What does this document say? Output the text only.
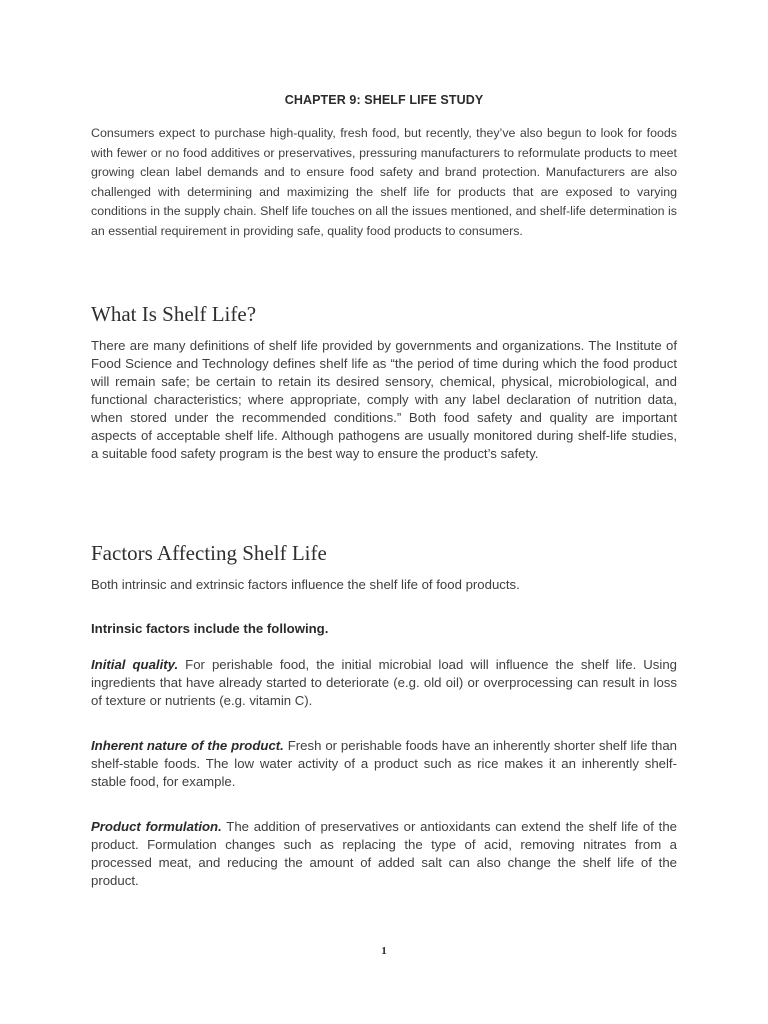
CHAPTER 9: SHELF LIFE STUDY

Consumers expect to purchase high-quality, fresh food, but recently, they’ve also begun to look for foods with fewer or no food additives or preservatives, pressuring manufacturers to reformulate products to meet growing clean label demands and to ensure food safety and brand protection. Manufacturers are also challenged with determining and maximizing the shelf life for products that are exposed to varying conditions in the supply chain. Shelf life touches on all the issues mentioned, and shelf-life determination is an essential requirement in providing safe, quality food products to consumers.

What Is Shelf Life?

There are many definitions of shelf life provided by governments and organizations. The Institute of Food Science and Technology defines shelf life as “the period of time during which the food product will remain safe; be certain to retain its desired sensory, chemical, physical, microbiological, and functional characteristics; where appropriate, comply with any label declaration of nutrition data, when stored under the recommended conditions.” Both food safety and quality are important aspects of acceptable shelf life. Although pathogens are usually monitored during shelf-life studies, a suitable food safety program is the best way to ensure the product’s safety.

Factors Affecting Shelf Life

Both intrinsic and extrinsic factors influence the shelf life of food products.

Intrinsic factors include the following.

Initial quality. For perishable food, the initial microbial load will influence the shelf life. Using ingredients that have already started to deteriorate (e.g. old oil) or overprocessing can result in loss of texture or nutrients (e.g. vitamin C).

Inherent nature of the product. Fresh or perishable foods have an inherently shorter shelf life than shelf-stable foods. The low water activity of a product such as rice makes it an inherently shelf-stable food, for example.

Product formulation. The addition of preservatives or antioxidants can extend the shelf life of the product. Formulation changes such as replacing the type of acid, removing nitrates from a processed meat, and reducing the amount of added salt can also change the shelf life of the product.

1
